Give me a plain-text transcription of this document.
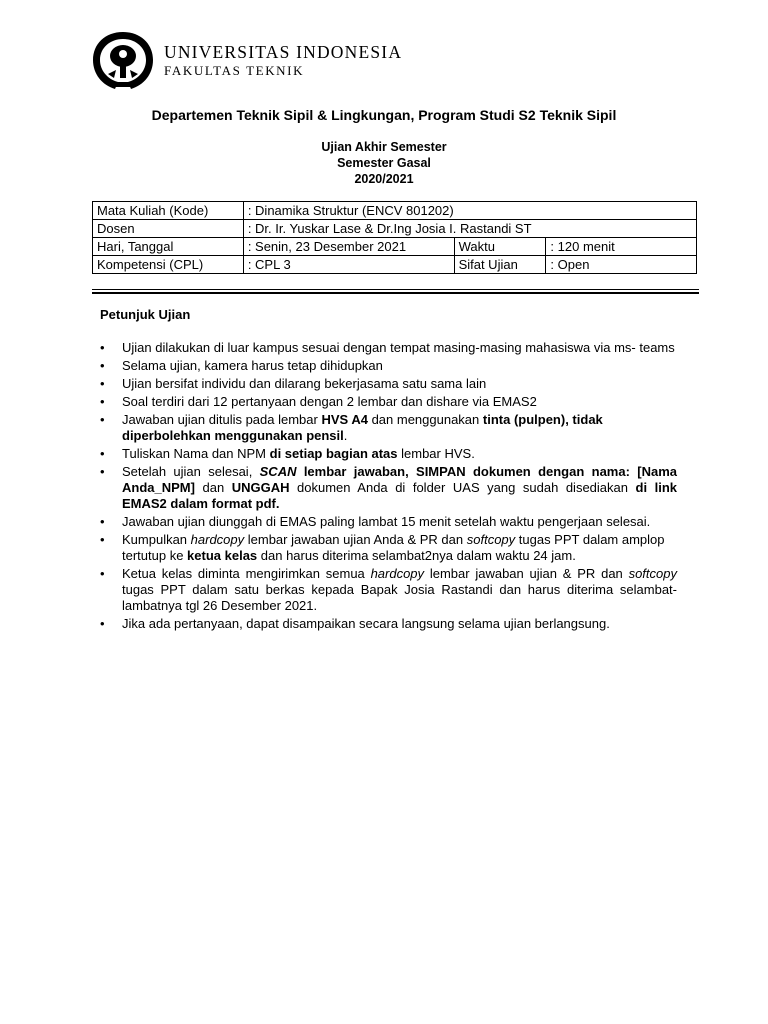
UNIVERSITAS INDONESIA
FAKULTAS TEKNIK
Departemen Teknik Sipil & Lingkungan, Program Studi S2 Teknik Sipil
Ujian Akhir Semester
Semester Gasal
2020/2021
Mata Kuliah (Kode)	: Dinamika Struktur (ENCV 801202)		
Dosen	: Dr. Ir. Yuskar Lase & Dr.Ing Josia I. Rastandi ST		
Hari, Tanggal	: Senin, 23 Desember 2021	Waktu	: 120 menit
Kompetensi (CPL)	: CPL 3	Sifat Ujian	: Open
Petunjuk Ujian
• Ujian dilakukan di luar kampus sesuai dengan tempat masing-masing mahasiswa via ms- teams
• Selama ujian, kamera harus tetap dihidupkan
• Ujian bersifat individu dan dilarang bekerjasama satu sama lain
• Soal terdiri dari 12 pertanyaan dengan 2 lembar dan dishare via EMAS2
• Jawaban ujian ditulis pada lembar HVS A4 dan menggunakan tinta (pulpen), tidak diperbolehkan menggunakan pensil.
• Tuliskan Nama dan NPM di setiap bagian atas lembar HVS.
• Setelah ujian selesai, SCAN lembar jawaban, SIMPAN dokumen dengan nama: [Nama Anda_NPM] dan UNGGAH dokumen Anda di folder UAS yang sudah disediakan di link EMAS2 dalam format pdf.
• Jawaban ujian diunggah di EMAS paling lambat 15 menit setelah waktu pengerjaan selesai.
• Kumpulkan hardcopy lembar jawaban ujian Anda & PR dan softcopy tugas PPT dalam amplop tertutup ke ketua kelas dan harus diterima selambat2nya dalam waktu 24 jam.
• Ketua kelas diminta mengirimkan semua hardcopy lembar jawaban ujian & PR dan softcopy tugas PPT dalam satu berkas kepada Bapak Josia Rastandi dan harus diterima selambat-lambatnya tgl 26 Desember 2021.
• Jika ada pertanyaan, dapat disampaikan secara langsung selama ujian berlangsung.
